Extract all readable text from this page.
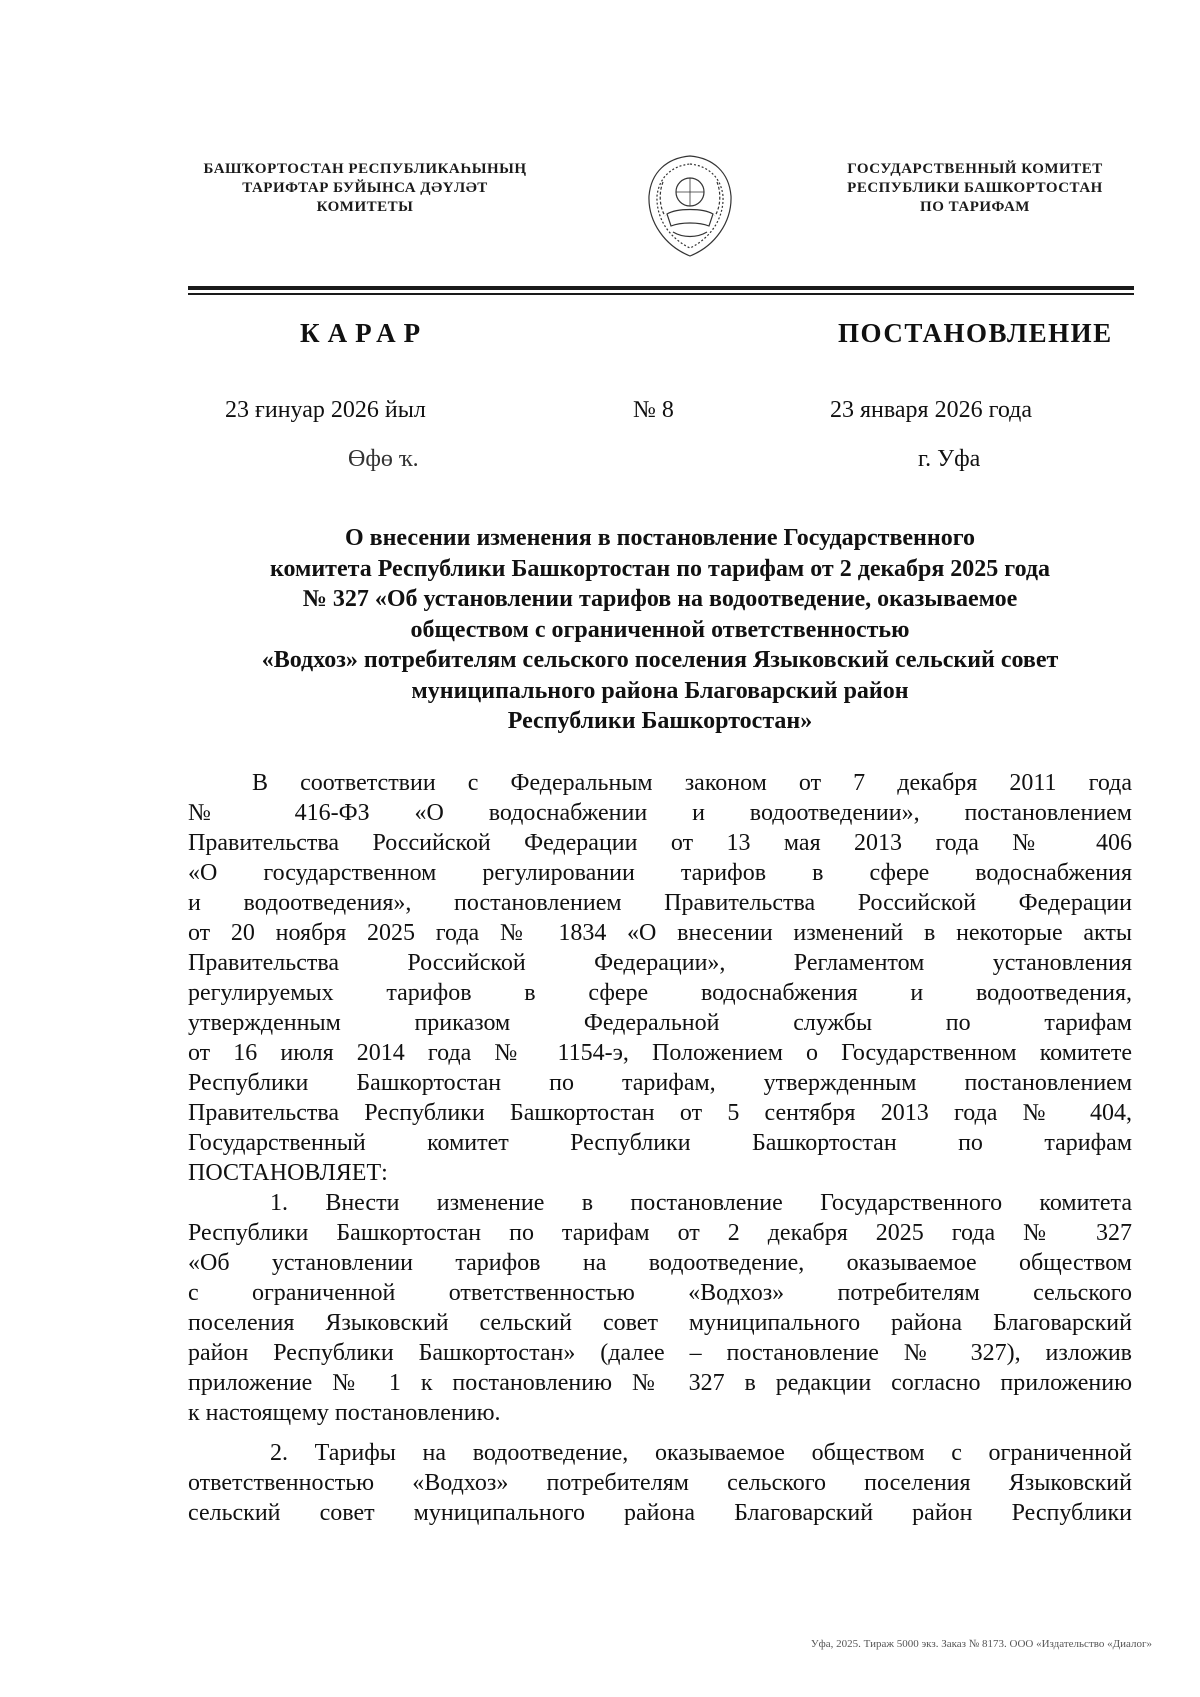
БАШҠОРТОСТАН РЕСПУБЛИКАҺЫНЫҢ
ТАРИФТАР БУЙЫНСА ДӘҮЛӘТ
КОМИТЕТЫ
ГОСУДАРСТВЕННЫЙ КОМИТЕТ
РЕСПУБЛИКИ БАШКОРТОСТАН
ПО ТАРИФАМ
КАРАР	ПОСТАНОВЛЕНИЕ
23 ғинуар 2026 йыл	№ 8	23 января 2026 года
Өфө ҡ.	г. Уфа
О внесении изменения в постановление Государственного
комитета Республики Башкортостан по тарифам от 2 декабря 2025 года
№ 327 «Об установлении тарифов на водоотведение, оказываемое
обществом с ограниченной ответственностью
«Водхоз» потребителям сельского поселения Языковский сельский совет
муниципального района Благоварский район
Республики Башкортостан»
В соответствии с Федеральным законом от 7 декабря 2011 года
№ 416-ФЗ «О водоснабжении и водоотведении», постановлением
Правительства Российской Федерации от 13 мая 2013 года № 406
«О государственном регулировании тарифов в сфере водоснабжения
и водоотведения», постановлением Правительства Российской Федерации
от 20 ноября 2025 года № 1834 «О внесении изменений в некоторые акты
Правительства Российской Федерации», Регламентом установления
регулируемых тарифов в сфере водоснабжения и водоотведения,
утвержденным приказом Федеральной службы по тарифам
от 16 июля 2014 года № 1154-э, Положением о Государственном комитете
Республики Башкортостан по тарифам, утвержденным постановлением
Правительства Республики Башкортостан от 5 сентября 2013 года № 404,
Государственный комитет Республики Башкортостан по тарифам
ПОСТАНОВЛЯЕТ:
1. Внести изменение в постановление Государственного комитета
Республики Башкортостан по тарифам от 2 декабря 2025 года № 327
«Об установлении тарифов на водоотведение, оказываемое обществом
с ограниченной ответственностью «Водхоз» потребителям сельского
поселения Языковский сельский совет муниципального района Благоварский
район Республики Башкортостан» (далее – постановление № 327), изложив
приложение № 1 к постановлению № 327 в редакции согласно приложению
к настоящему постановлению.
2. Тарифы на водоотведение, оказываемое обществом с ограниченной
ответственностью «Водхоз» потребителям сельского поселения Языковский
сельский совет муниципального района Благоварский район Республики
Уфа, 2025. Тираж 5000 экз. Заказ № 8173. ООО «Издательство «Диалог»
